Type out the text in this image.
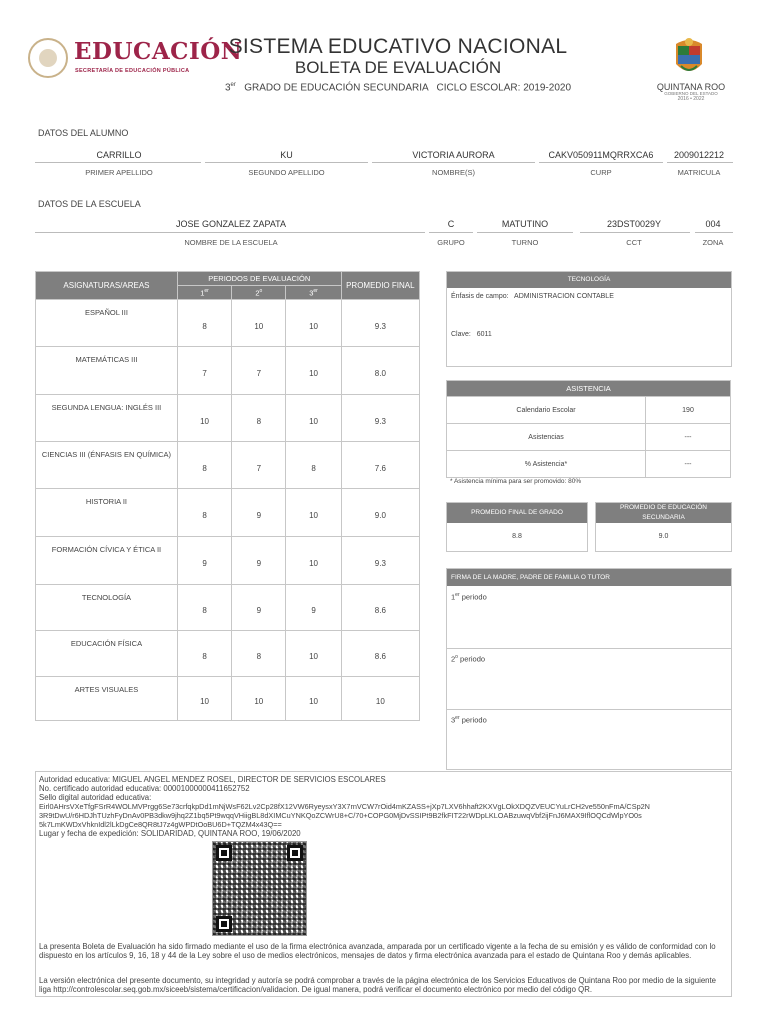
EDUCACIÓN
SECRETARÍA DE EDUCACIÓN PÚBLICA
SISTEMA EDUCATIVO NACIONAL
BOLETA DE EVALUACIÓN
3er GRADO DE EDUCACIÓN SECUNDARIA CICLO ESCOLAR: 2019-2020	QUINTANA ROO
GOBIERNO DEL ESTADO
2016 • 2022
DATOS DEL ALUMNO
CARRILLO	KU	VICTORIA AURORA	CAKV050911MQRRXCA6	2009012212
PRIMER APELLIDO	SEGUNDO APELLIDO	NOMBRE(S)	CURP	MATRICULA
DATOS DE LA ESCUELA
JOSE GONZALEZ ZAPATA	C	MATUTINO	23DST0029Y	004
NOMBRE DE LA ESCUELA	GRUPO	TURNO	CCT	ZONA
ASIGNATURAS/AREAS	PERIODOS DE EVALUACIÓN			PROMEDIO FINAL
	1er	2$^o$	3er
ESPAÑOL III	8	10	10	9.3
MATEMÁTICAS III	7	7	10	8.0
SEGUNDA LENGUA: INGLÉS III	10	8	10	9.3
CIENCIAS III (ÉNFASIS EN QUÍMICA)	8	7	8	7.6
HISTORIA II	8	9	10	9.0
FORMACIÓN CÍVICA Y ÉTICA II	9	9	10	9.3
TECNOLOGÍA	8	9	9	8.6
EDUCACIÓN FÍSICA	8	8	10	8.6
ARTES VISUALES	10	10	10	10
TECNOLOGÍA
Énfasis de campo: ADMINISTRACION CONTABLE
Clave: 6011
ASISTENCIA	
Calendario Escolar	190
Asistencias	---
% Asistencia*	---
* Asistencia mínima para ser promovido: 80%
PROMEDIO FINAL DE GRADO
8.8
PROMEDIO DE EDUCACIÓN SECUNDARIA
9.0
FIRMA DE LA MADRE, PADRE DE FAMILIA O TUTOR
1er periodo
2$^o$ periodo
3er periodo
Autoridad educativa: MIGUEL ANGEL MENDEZ ROSEL, DIRECTOR DE SERVICIOS ESCOLARES
No. certificado autoridad educativa: 00001000000411652752
Sello digital autoridad educativa:
Eirl0AHrsVXeTfgFSrR4WOLMVPrgg6Se73crfqkpDd1mNjWsF62Lv2Cp28fX12VW6RyeysxY3X7rnVCW7rOid4mKZASS+jXp7LXV6hhaft2KXVgLOkXDQZVEUCYuLrCH2ve550nFmA/CSp2N
3R9tDwU/r6HDJhTUzhFyDnAv0PB3dkw9jhq2Z1bq5Pt9wqqVHiigBL8dXIMCuYNKQoZCWrU8+C/70+COPG0MjDvSSIPt9B2fkFIT22rWDpLKLOABzuwqVbf2ijFnJ6MAX9IflOQCdWlpYO0s
5k7LmKWDxVhknIdl2lLkDgCe8QR8tJ7z4gWPDtOoBU6D+TQZM4x43Q==
Lugar y fecha de expedición: SOLIDARIDAD, QUINTANA ROO, 19/06/2020
La presenta Boleta de Evaluación ha sido firmado mediante el uso de la firma electrónica avanzada, amparada por un certificado vigente a la fecha de su emisión y es válido de conformidad con lo dispuesto en los artículos 9, 16, 18 y 44 de la Ley sobre el uso de medios electrónicos, mensajes de datos y firma electrónica avanzada para el estado de Quintana Roo y demás aplicables.
La versión electrónica del presente documento, su integridad y autoría se podrá comprobar a través de la página electrónica de los Servicios Educativos de Quintana Roo por medio de la siguiente liga http://controlescolar.seq.gob.mx/siceeb/sistema/certificacion/validacion. De igual manera, podrá verificar el documento electrónico por medio del código QR.
